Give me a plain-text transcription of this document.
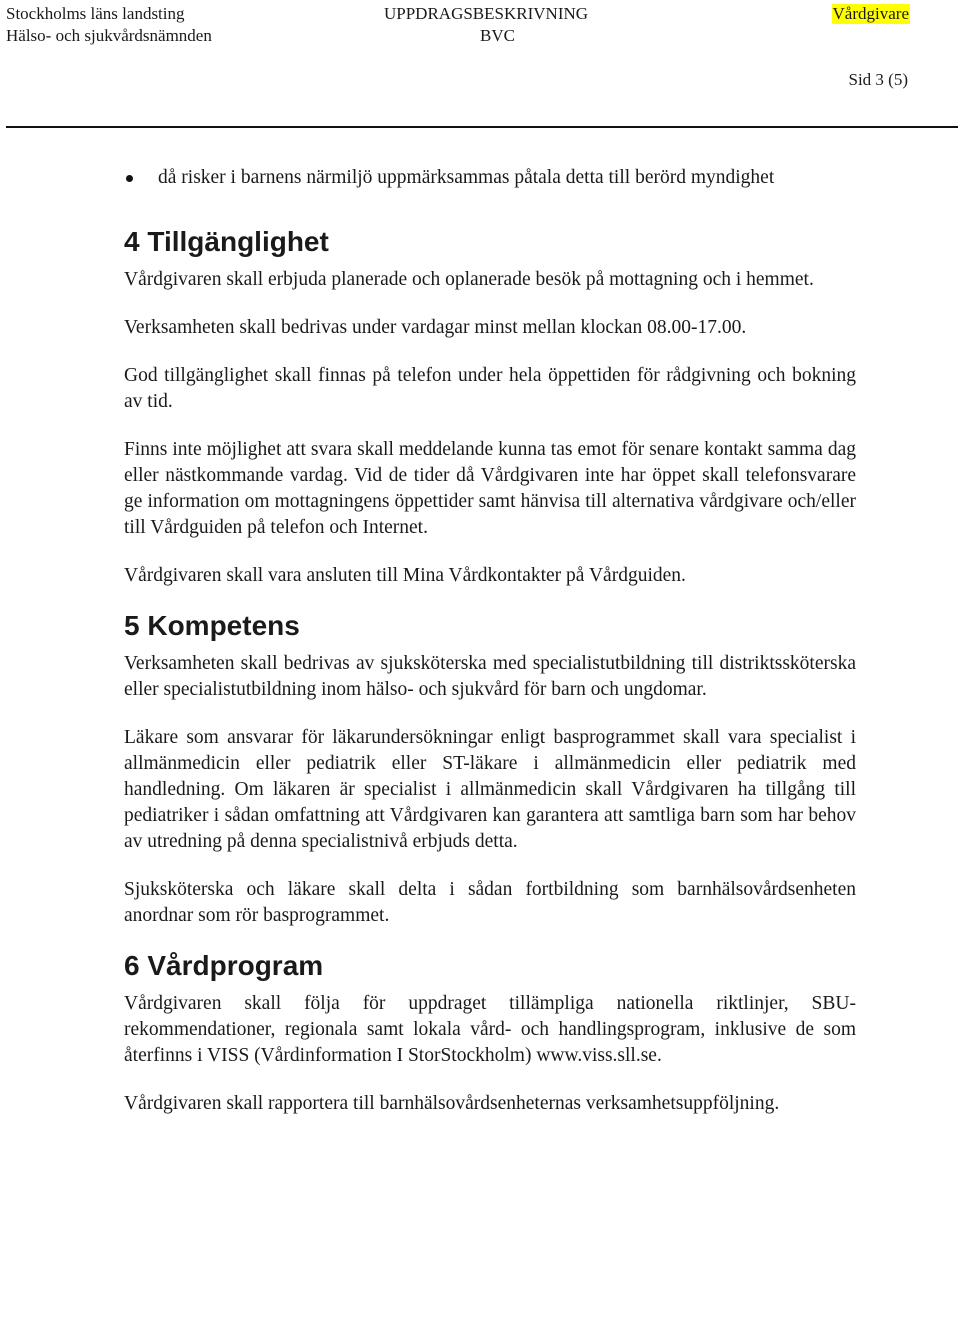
Stockholms läns landsting
Hälso- och sjukvårdsnämnden
UPPDRAGSBESKRIVNING
BVC
Vårdgivare
Sid 3 (5)

då risker i barnens närmiljö uppmärksammas påtala detta till berörd myndighet

4 Tillgänglighet

Vårdgivaren skall erbjuda planerade och oplanerade besök på mottagning och i hemmet.

Verksamheten skall bedrivas under vardagar minst mellan klockan 08.00-17.00.

God tillgänglighet skall finnas på telefon under hela öppettiden för rådgivning och bokning av tid.

Finns inte möjlighet att svara skall meddelande kunna tas emot för senare kontakt samma dag eller nästkommande vardag. Vid de tider då Vårdgivaren inte har öppet skall telefonsvarare ge information om mottagningens öppettider samt hänvisa till alternativa vårdgivare och/eller till Vårdguiden på telefon och Internet.

Vårdgivaren skall vara ansluten till Mina Vårdkontakter på Vårdguiden.

5 Kompetens

Verksamheten skall bedrivas av sjuksköterska med specialistutbildning till distriktssköterska eller specialistutbildning inom hälso- och sjukvård för barn och ungdomar.

Läkare som ansvarar för läkarundersökningar enligt basprogrammet skall vara specialist i allmänmedicin eller pediatrik eller ST-läkare i allmänmedicin eller pediatrik med handledning. Om läkaren är specialist i allmänmedicin skall Vårdgivaren ha tillgång till pediatriker i sådan omfattning att Vårdgivaren kan garantera att samtliga barn som har behov av utredning på denna specialistnivå erbjuds detta.

Sjuksköterska och läkare skall delta i sådan fortbildning som barnhälsovårdsenheten anordnar som rör basprogrammet.

6 Vårdprogram

Vårdgivaren skall följa för uppdraget tillämpliga nationella riktlinjer, SBU-rekommendationer, regionala samt lokala vård- och handlingsprogram, inklusive de som återfinns i VISS (Vårdinformation I StorStockholm) www.viss.sll.se.

Vårdgivaren skall rapportera till barnhälsovårdsenheternas verksamhetsuppföljning.
